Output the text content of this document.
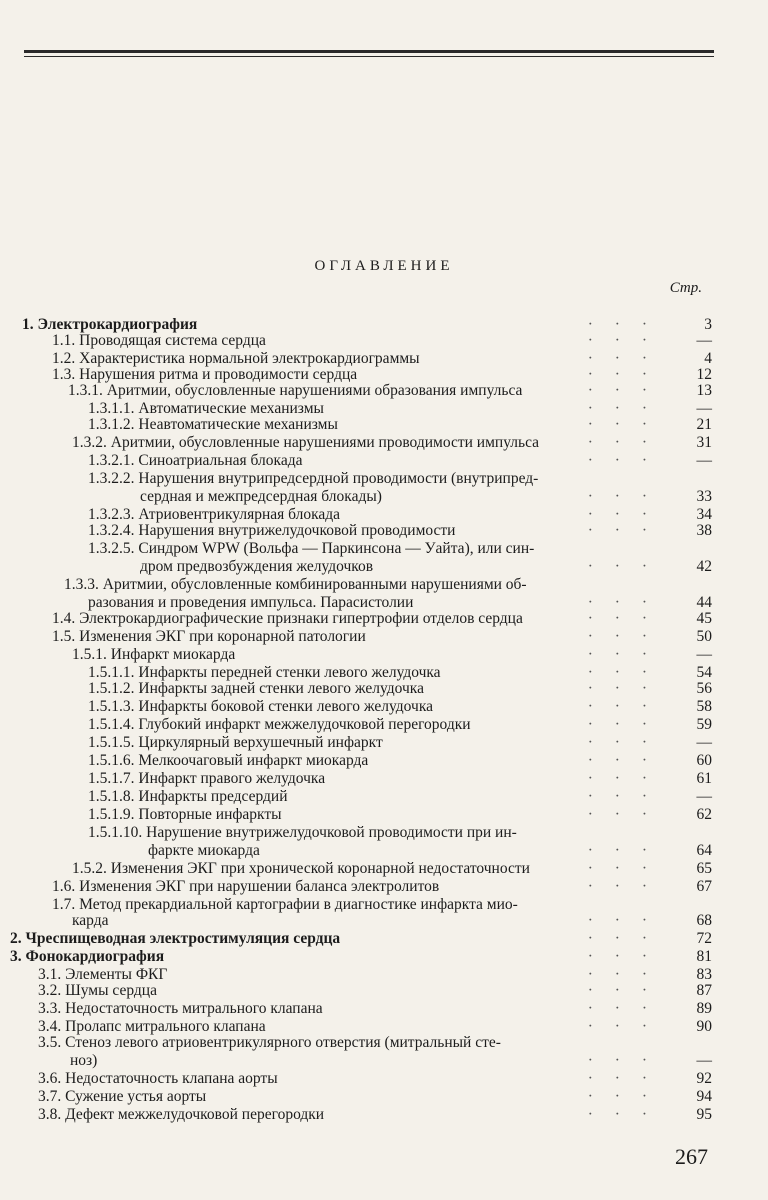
ОГЛАВЛЕНИЕ
Стр.
1. Электрокардиография	· · ·	3
1.1. Проводящая система сердца	· · ·	—
1.2. Характеристика нормальной электрокардиограммы	· · ·	4
1.3. Нарушения ритма и проводимости сердца	· · ·	12
1.3.1. Аритмии, обусловленные нарушениями образования импульса	· · ·	13
1.3.1.1. Автоматические механизмы	· · ·	—
1.3.1.2. Неавтоматические механизмы	· · ·	21
1.3.2. Аритмии, обусловленные нарушениями проводимости импульса	· · ·	31
1.3.2.1. Синоатриальная блокада	· · ·	—
1.3.2.2. Нарушения внутрипредсердной проводимости (внутрипред-
сердная и межпредсердная блокады)	· · ·	33
1.3.2.3. Атриовентрикулярная блокада	· · ·	34
1.3.2.4. Нарушения внутрижелудочковой проводимости	· · ·	38
1.3.2.5. Синдром WPW (Вольфа — Паркинсона — Уайта), или син-
дром предвозбуждения желудочков	· · ·	42
1.3.3. Аритмии, обусловленные комбинированными нарушениями об-
разования и проведения импульса. Парасистолии	· · ·	44
1.4. Электрокардиографические признаки гипертрофии отделов сердца	· · ·	45
1.5. Изменения ЭКГ при коронарной патологии	· · ·	50
1.5.1. Инфаркт миокарда	· · ·	—
1.5.1.1. Инфаркты передней стенки левого желудочка	· · ·	54
1.5.1.2. Инфаркты задней стенки левого желудочка	· · ·	56
1.5.1.3. Инфаркты боковой стенки левого желудочка	· · ·	58
1.5.1.4. Глубокий инфаркт межжелудочковой перегородки	· · ·	59
1.5.1.5. Циркулярный верхушечный инфаркт	· · ·	—
1.5.1.6. Мелкоочаговый инфаркт миокарда	· · ·	60
1.5.1.7. Инфаркт правого желудочка	· · ·	61
1.5.1.8. Инфаркты предсердий	· · ·	—
1.5.1.9. Повторные инфаркты	· · ·	62
1.5.1.10. Нарушение внутрижелудочковой проводимости при ин-
фаркте миокарда	· · ·	64
1.5.2. Изменения ЭКГ при хронической коронарной недостаточности	· · ·	65
1.6. Изменения ЭКГ при нарушении баланса электролитов	· · ·	67
1.7. Метод прекардиальной картографии в диагностике инфаркта мио-
карда	· · ·	68
2. Чреспищеводная электростимуляция сердца	· · ·	72
3. Фонокардиография	· · ·	81
3.1. Элементы ФКГ	· · ·	83
3.2. Шумы сердца	· · ·	87
3.3. Недостаточность митрального клапана	· · ·	89
3.4. Пролапс митрального клапана	· · ·	90
3.5. Стеноз левого атриовентрикулярного отверстия (митральный сте-
ноз)	· · ·	—
3.6. Недостаточность клапана аорты	· · ·	92
3.7. Сужение устья аорты	· · ·	94
3.8. Дефект межжелудочковой перегородки	· · ·	95
267
